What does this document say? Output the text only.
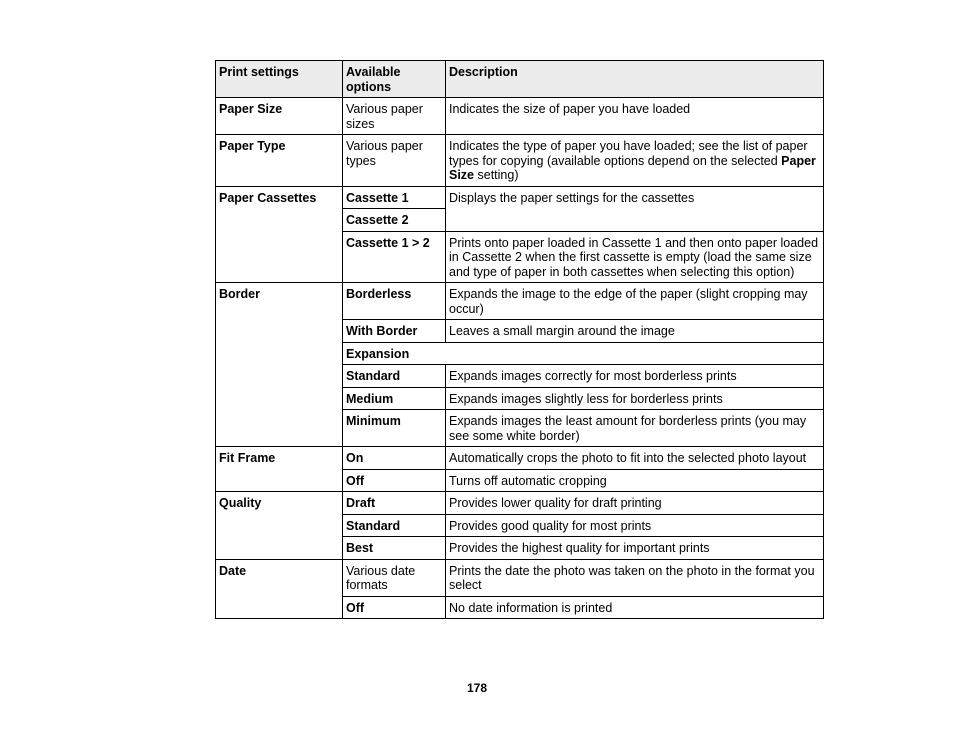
Print settings	Available options	Description
Paper Size	Various paper sizes	Indicates the size of paper you have loaded
Paper Type	Various paper types	Indicates the type of paper you have loaded; see the list of paper types for copying (available options depend on the selected Paper Size setting)
Paper Cassettes	Cassette 1	Displays the paper settings for the cassettes
	Cassette 2	
	Cassette 1 > 2	Prints onto paper loaded in Cassette 1 and then onto paper loaded in Cassette 2 when the first cassette is empty (load the same size and type of paper in both cassettes when selecting this option)
Border	Borderless	Expands the image to the edge of the paper (slight cropping may occur)
	With Border	Leaves a small margin around the image
	Expansion	
	Standard	Expands images correctly for most borderless prints
	Medium	Expands images slightly less for borderless prints
	Minimum	Expands images the least amount for borderless prints (you may see some white border)
Fit Frame	On	Automatically crops the photo to fit into the selected photo layout
	Off	Turns off automatic cropping
Quality	Draft	Provides lower quality for draft printing
	Standard	Provides good quality for most prints
	Best	Provides the highest quality for important prints
Date	Various date formats	Prints the date the photo was taken on the photo in the format you select
	Off	No date information is printed
178
